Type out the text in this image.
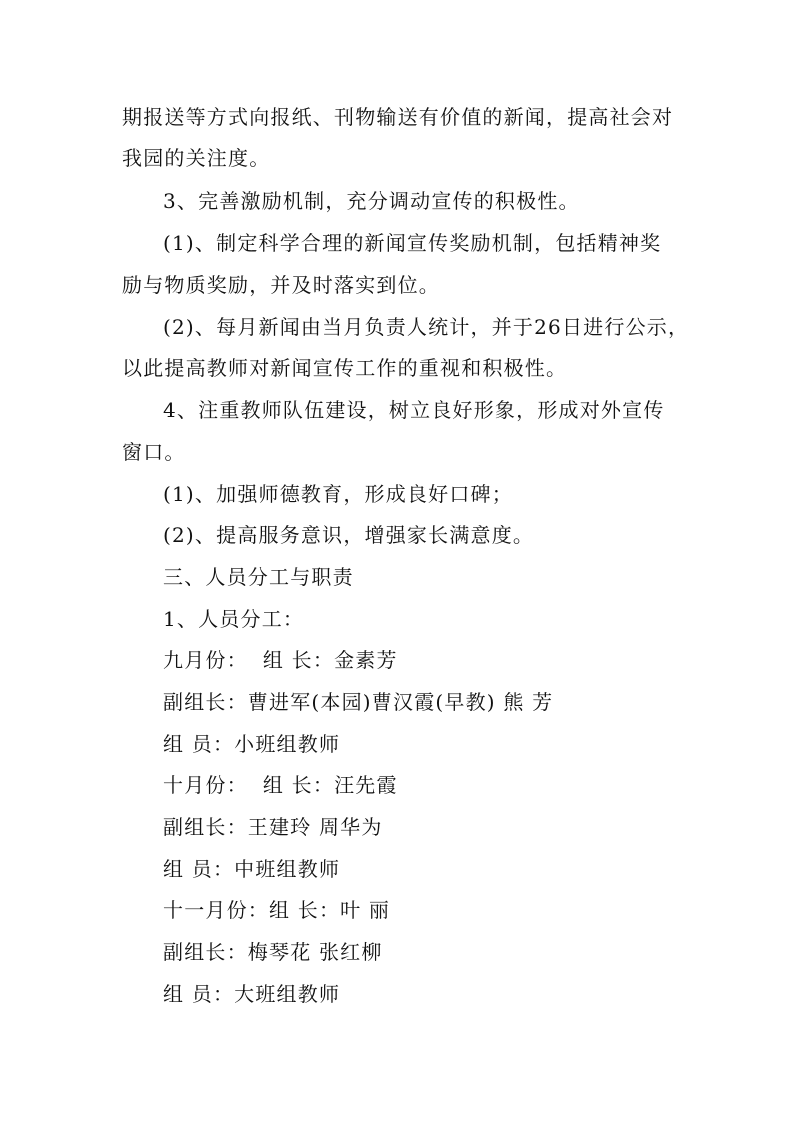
期报送等方式向报纸、刊物输送有价值的新闻，提高社会对
我园的关注度。
3、完善激励机制，充分调动宣传的积极性。
(1)、制定科学合理的新闻宣传奖励机制，包括精神奖
励与物质奖励，并及时落实到位。
(2)、每月新闻由当月负责人统计，并于26日进行公示，
以此提高教师对新闻宣传工作的重视和积极性。
4、注重教师队伍建设，树立良好形象，形成对外宣传
窗口。
(1)、加强师德教育，形成良好口碑；
(2)、提高服务意识，增强家长满意度。
三、人员分工与职责
1、人员分工：
九月份：  组 长：金素芳
副组长：曹进军(本园)曹汉霞(早教) 熊 芳
组 员：小班组教师
十月份：  组 长：汪先霞
副组长：王建玲 周华为
组 员：中班组教师
十一月份：组 长：叶 丽
副组长：梅琴花 张红柳
组 员：大班组教师
